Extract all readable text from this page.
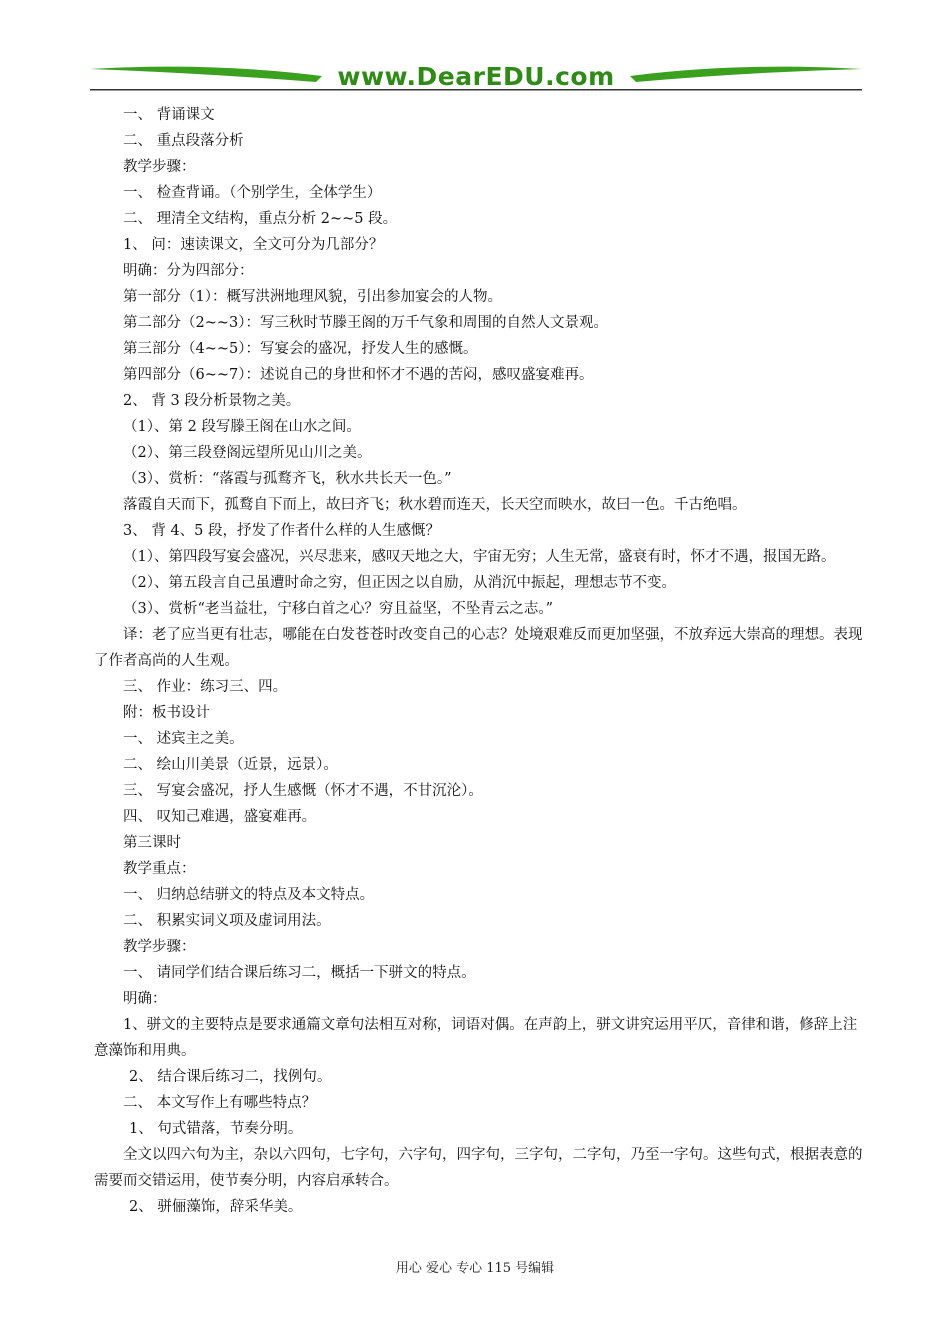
www.DearEDU.com

一、 背诵课文

二、 重点段落分析

教学步骤：

一、 检查背诵。（个别学生，全体学生）

二、 理清全文结构，重点分析 2~~5 段。

1、 问：速读课文，全文可分为几部分？

明确：分为四部分：

第一部分（1）：概写洪洲地理风貌，引出参加宴会的人物。

第二部分（2~~3）：写三秋时节滕王阁的万千气象和周围的自然人文景观。

第三部分（4~~5）：写宴会的盛况，抒发人生的感慨。

第四部分（6~~7）：述说自己的身世和怀才不遇的苦闷，感叹盛宴难再。

2、 背 3 段分析景物之美。

（1）、第 2 段写滕王阁在山水之间。

（2）、第三段登阁远望所见山川之美。

（3）、赏析：“落霞与孤鹜齐飞，秋水共长天一色。”

落霞自天而下，孤鹜自下而上，故曰齐飞；秋水碧而连天，长天空而映水，故曰一色。千古绝唱。

3、 背 4、5 段，抒发了作者什么样的人生感慨？

（1）、第四段写宴会盛况，兴尽悲来，感叹天地之大，宇宙无穷；人生无常，盛衰有时，怀才不遇，报国无路。

（2）、第五段言自己虽遭时命之穷，但正因之以自励，从消沉中振起，理想志节不变。

（3）、赏析“老当益壮，宁移白首之心？穷且益坚，不坠青云之志。”

译：老了应当更有壮志，哪能在白发苍苍时改变自己的心志？处境艰难反而更加坚强，不放弃远大崇高的理想。表现了作者高尚的人生观。

三、 作业：练习三、四。

附：板书设计

一、 述宾主之美。

二、 绘山川美景（近景，远景）。

三、 写宴会盛况，抒人生感慨（怀才不遇，不甘沉沦）。

四、 叹知己难遇，盛宴难再。

第三课时

教学重点：

一、 归纳总结骈文的特点及本文特点。

二、 积累实词义项及虚词用法。

教学步骤：

一、 请同学们结合课后练习二，概括一下骈文的特点。

明确：

1、骈文的主要特点是要求通篇文章句法相互对称，词语对偶。在声韵上，骈文讲究运用平仄，音律和谐，修辞上注意藻饰和用典。

2、 结合课后练习二，找例句。

二、 本文写作上有哪些特点？

1、 句式错落，节奏分明。

全文以四六句为主，杂以六四句，七字句，六字句，四字句，三字句，二字句，乃至一字句。这些句式，根据表意的需要而交错运用，使节奏分明，内容启承转合。

2、 骈俪藻饰，辞采华美。

用心 爱心 专心 115 号编辑
